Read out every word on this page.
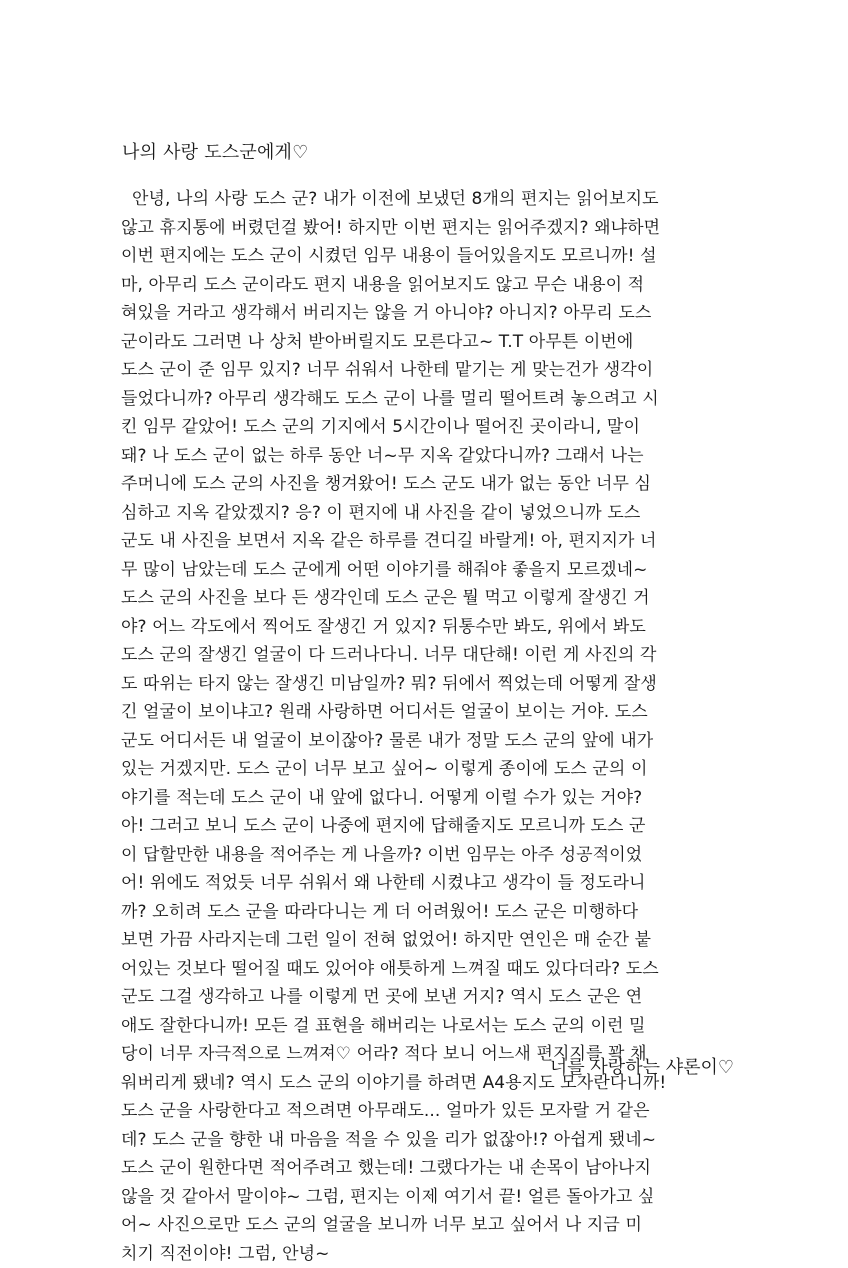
나의 사랑 도스군에게♡
안녕, 나의 사랑 도스 군? 내가 이전에 보냈던 8개의 편지는 읽어보지도
않고 휴지통에 버렸던걸 봤어! 하지만 이번 편지는 읽어주겠지? 왜냐하면
이번 편지에는 도스 군이 시켰던 임무 내용이 들어있을지도 모르니까! 설
마, 아무리 도스 군이라도 편지 내용을 읽어보지도 않고 무슨 내용이 적
혀있을 거라고 생각해서 버리지는 않을 거 아니야? 아니지? 아무리 도스
군이라도 그러면 나 상처 받아버릴지도 모른다고~ T.T 아무튼 이번에
도스 군이 준 임무 있지? 너무 쉬워서 나한테 맡기는 게 맞는건가 생각이
들었다니까? 아무리 생각해도 도스 군이 나를 멀리 떨어트려 놓으려고 시
킨 임무 같았어! 도스 군의 기지에서 5시간이나 떨어진 곳이라니, 말이
돼? 나 도스 군이 없는 하루 동안 너~무 지옥 같았다니까? 그래서 나는
주머니에 도스 군의 사진을 챙겨왔어! 도스 군도 내가 없는 동안 너무 심
심하고 지옥 같았겠지? 응? 이 편지에 내 사진을 같이 넣었으니까 도스
군도 내 사진을 보면서 지옥 같은 하루를 견디길 바랄게! 아, 편지지가 너
무 많이 남았는데 도스 군에게 어떤 이야기를 해줘야 좋을지 모르겠네~
도스 군의 사진을 보다 든 생각인데 도스 군은 뭘 먹고 이렇게 잘생긴 거
야? 어느 각도에서 찍어도 잘생긴 거 있지? 뒤통수만 봐도, 위에서 봐도
도스 군의 잘생긴 얼굴이 다 드러나다니. 너무 대단해! 이런 게 사진의 각
도 따위는 타지 않는 잘생긴 미남일까? 뭐? 뒤에서 찍었는데 어떻게 잘생
긴 얼굴이 보이냐고? 원래 사랑하면 어디서든 얼굴이 보이는 거야. 도스
군도 어디서든 내 얼굴이 보이잖아? 물론 내가 정말 도스 군의 앞에 내가
있는 거겠지만. 도스 군이 너무 보고 싶어~ 이렇게 종이에 도스 군의 이
야기를 적는데 도스 군이 내 앞에 없다니. 어떻게 이럴 수가 있는 거야?
아! 그러고 보니 도스 군이 나중에 편지에 답해줄지도 모르니까 도스 군
이 답할만한 내용을 적어주는 게 나을까? 이번 임무는 아주 성공적이었
어! 위에도 적었듯 너무 쉬워서 왜 나한테 시켰냐고 생각이 들 정도라니
까? 오히려 도스 군을 따라다니는 게 더 어려웠어! 도스 군은 미행하다
보면 가끔 사라지는데 그런 일이 전혀 없었어! 하지만 연인은 매 순간 붙
어있는 것보다 떨어질 때도 있어야 애틋하게 느껴질 때도 있다더라? 도스
군도 그걸 생각하고 나를 이렇게 먼 곳에 보낸 거지? 역시 도스 군은 연
애도 잘한다니까! 모든 걸 표현을 해버리는 나로서는 도스 군의 이런 밀
당이 너무 자극적으로 느껴져♡ 어라? 적다 보니 어느새 편지지를 꽉 채
워버리게 됐네? 역시 도스 군의 이야기를 하려면 A4용지도 모자란다니까!
도스 군을 사랑한다고 적으려면 아무래도... 얼마가 있든 모자랄 거 같은
데? 도스 군을 향한 내 마음을 적을 수 있을 리가 없잖아!? 아쉽게 됐네~
도스 군이 원한다면 적어주려고 했는데! 그랬다가는 내 손목이 남아나지
않을 것 같아서 말이야~ 그럼, 편지는 이제 여기서 끝! 얼른 돌아가고 싶
어~ 사진으로만 도스 군의 얼굴을 보니까 너무 보고 싶어서 나 지금 미
치기 직전이야! 그럼, 안녕~
너를 사랑하는 샤론이♡
